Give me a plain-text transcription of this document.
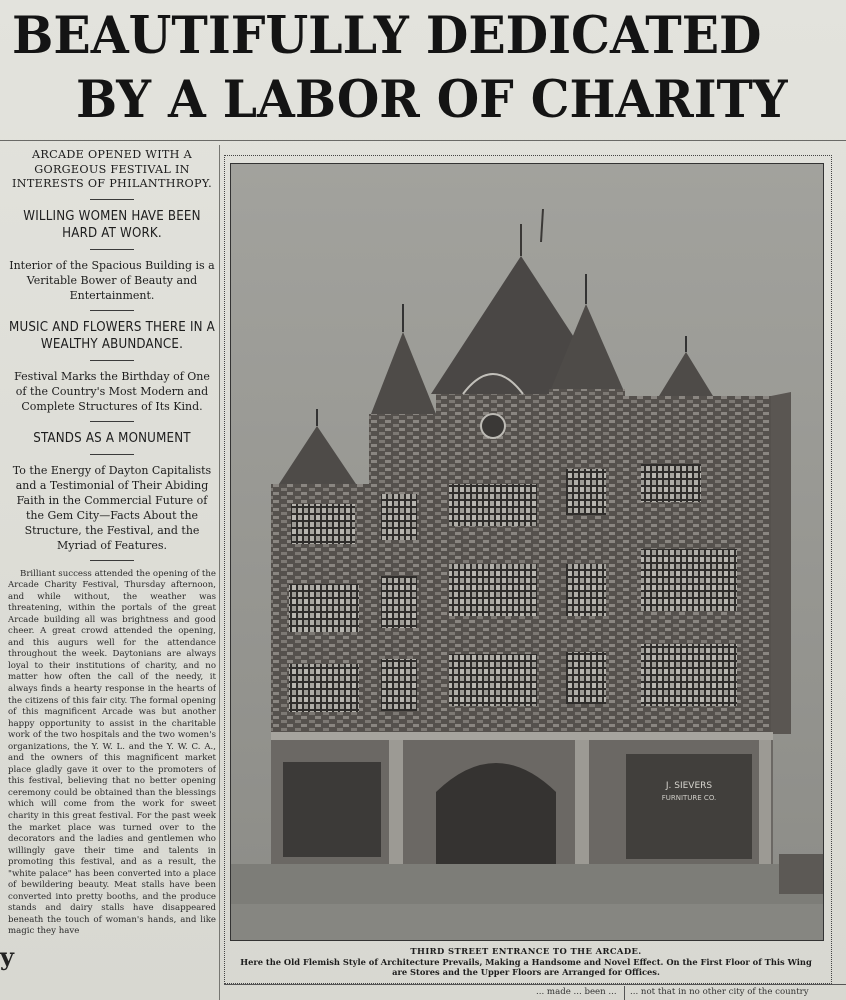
BEAUTIFULLY DEDICATED
BY A LABOR OF CHARITY

ARCADE OPENED WITH A GORGEOUS FESTIVAL IN INTERESTS OF PHILANTHROPY.

WILLING WOMEN HAVE BEEN HARD AT WORK.

Interior of the Spacious Building is a Veritable Bower of Beauty and Entertainment.

MUSIC AND FLOWERS THERE IN A WEALTHY ABUNDANCE.

Festival Marks the Birthday of One of the Country's Most Modern and Complete Structures of Its Kind.

STANDS AS A MONUMENT

To the Energy of Dayton Capitalists and a Testimonial of Their Abiding Faith in the Commercial Future of the Gem City—Facts About the Structure, the Festival, and the Myriad of Features.

Brilliant success attended the opening of the Arcade Charity Festival, Thursday afternoon, and while without, the weather was threatening, within the portals of the great Arcade building all was brightness and good cheer. A great crowd attended the opening, and this augurs well for the attendance throughout the week. Daytonians are always loyal to their institutions of charity, and no matter how often the call of the needy, it always finds a hearty response in the hearts of the citizens of this fair city. The formal opening of this magnificent Arcade was but another happy opportunity to assist in the charitable work of the two hospitals and the two women's organizations, the Y. W. L. and the Y. W. C. A., and the owners of this magnificent market place gladly gave it over to the promoters of this festival, believing that no better opening ceremony could be obtained than the blessings which will come from the work for sweet charity in this great festival. For the past week the market place was turned over to the decorators and the ladies and gentlemen who willingly gave their time and talents in promoting this festival, and as a result, the "white palace" has been converted into a place of bewildering beauty. Meat stalls have been converted into pretty booths, and the produce stands and dairy stalls have disappeared beneath the touch of woman's hands, and like magic they have

y
J. SIEVERS
FURNITURE CO.

THIRD STREET ENTRANCE TO THE ARCADE.

Here the Old Flemish Style of Architecture Prevails, Making a Handsome and Novel Effect. On the First Floor of This Wing are Stores and the Upper Floors are Arranged for Offices.

... made ... been ... ... not that in no other city of the country
